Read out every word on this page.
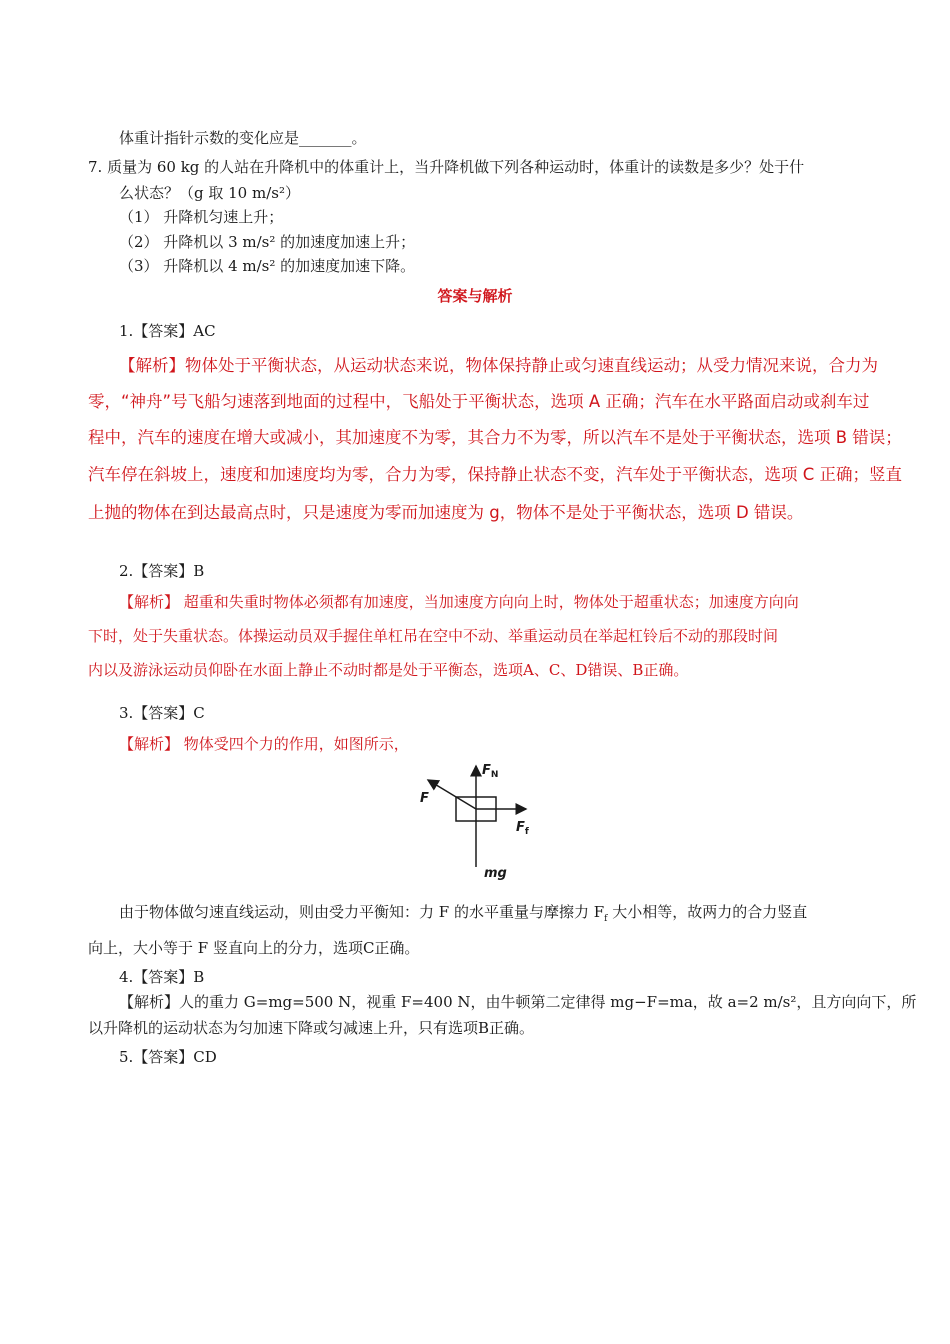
体重计指针示数的变化应是_______。
7. 质量为 60 kg 的人站在升降机中的体重计上，当升降机做下列各种运动时，体重计的读数是多少？处于什
么状态？（g 取 10 m/s²）
（1） 升降机匀速上升；
（2） 升降机以 3 m/s² 的加速度加速上升；
（3） 升降机以 4 m/s² 的加速度加速下降。
答案与解析
1.【答案】AC
【解析】物体处于平衡状态，从运动状态来说，物体保持静止或匀速直线运动；从受力情况来说，合力为
零，“神舟”号飞船匀速落到地面的过程中，飞船处于平衡状态，选项 A 正确；汽车在水平路面启动或刹车过
程中，汽车的速度在增大或减小，其加速度不为零，其合力不为零，所以汽车不是处于平衡状态，选项 B 错误；
汽车停在斜坡上，速度和加速度均为零，合力为零，保持静止状态不变，汽车处于平衡状态，选项 C 正确；竖直
上抛的物体在到达最高点时，只是速度为零而加速度为 g，物体不是处于平衡状态，选项 D 错误。
2.【答案】B
【解析】 超重和失重时物体必须都有加速度，当加速度方向向上时，物体处于超重状态；加速度方向向
下时，处于失重状态。体操运动员双手握住单杠吊在空中不动、举重运动员在举起杠铃后不动的那段时间
内以及游泳运动员仰卧在水面上静止不动时都是处于平衡态，选项A、C、D错误、B正确。
3.【答案】C
【解析】 物体受四个力的作用，如图所示，
$F_N$
F
$F_f$
mg
由于物体做匀速直线运动，则由受力平衡知：力 F 的水平重量与摩擦力 $F_f$ 大小相等，故两力的合力竖直
向上，大小等于 F 竖直向上的分力，选项C正确。
4.【答案】B
【解析】人的重力 G=mg=500 N，视重 F=400 N，由牛顿第二定律得 mg−F=ma，故 a=2 m/s²，且方向向下，所
以升降机的运动状态为匀加速下降或匀减速上升，只有选项B正确。
5.【答案】CD
